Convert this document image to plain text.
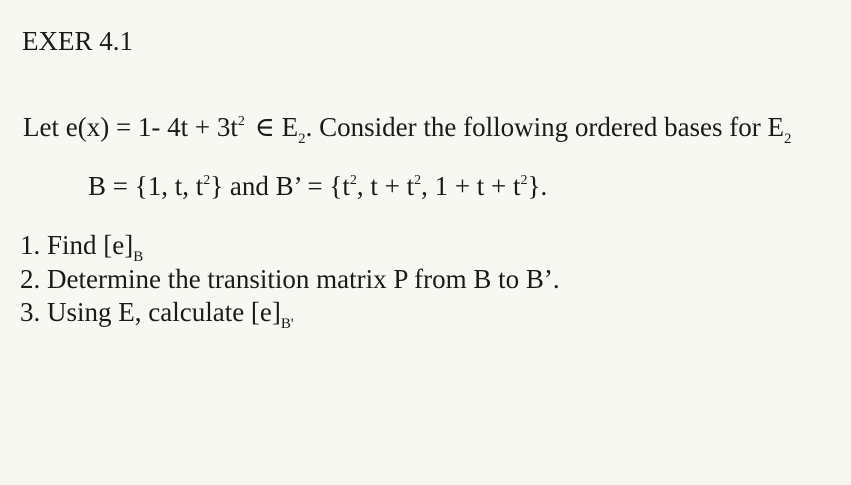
EXER 4.1
Let e(x) = 1- $4t + 3t^2$ ∈ $E_2$. Consider the following ordered bases for $E_2$
B = {1, t, $t^2$} and B’ = {$t^2$, $t + t^2$, $1 + t + t^2$}.
1. Find $[e]_B$
2. Determine the transition matrix P from B to B’.
3. Using E, calculate $[e]_{B'}$
